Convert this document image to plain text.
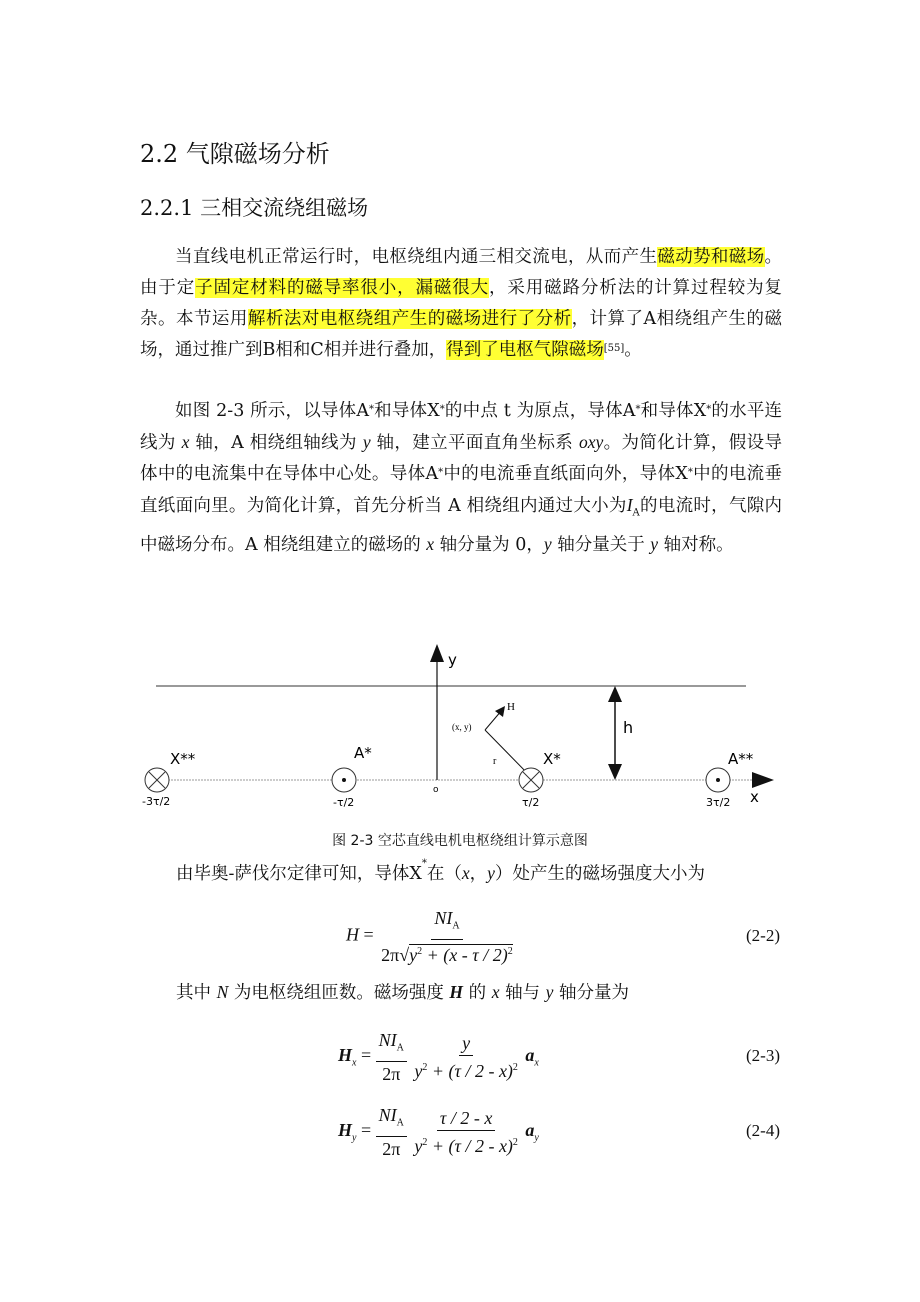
2.2 气隙磁场分析
2.2.1 三相交流绕组磁场
当直线电机正常运行时，电枢绕组内通三相交流电，从而产生磁动势和磁场。由于定子固定材料的磁导率很小，漏磁很大，采用磁路分析法的计算过程较为复杂。本节运用解析法对电枢绕组产生的磁场进行了分析，计算了A相绕组产生的磁场，通过推广到B相和C相并进行叠加，得到了电枢气隙磁场[55]。
如图 2-3 所示，以导体A*和导体X*的中点 t 为原点，导体A*和导体X*的水平连线为 x 轴，A 相绕组轴线为 y 轴，建立平面直角坐标系 oxy。为简化计算，假设导体中的电流集中在导体中心处。导体A*中的电流垂直纸面向外，导体X*中的电流垂直纸面向里。为简化计算，首先分析当 A 相绕组内通过大小为$I_A$的电流时，气隙内中磁场分布。A 相绕组建立的磁场的 x 轴分量为 0，y 轴分量关于 y 轴对称。
y
x
o
h
H
(x, y)
r
X**
-3τ/2
A*
-τ/2
X*
τ/2
A**
3τ/2
图 2-3 空芯直线电机电枢绕组计算示意图
由毕奥-萨伐尔定律可知，导体X*在（x，y）处产生的磁场强度大小为
$H = \frac{NI_A}{2\pi√y^2 + (x - \tau / 2)^2}$	(2-2)
其中 N 为电枢绕组匝数。磁场强度 H 的 x 轴与 y 轴分量为
$H_x = \frac{NI_A}{2\pi}$
$\frac{y}{y^2 + (\tau / 2 - x)^2} a_x$	(2-3)
$H_y = \frac{NI_A}{2\pi}$
$\frac{\tau / 2 - x}{y^2 + (\tau / 2 - x)^2} a_y$	(2-4)
